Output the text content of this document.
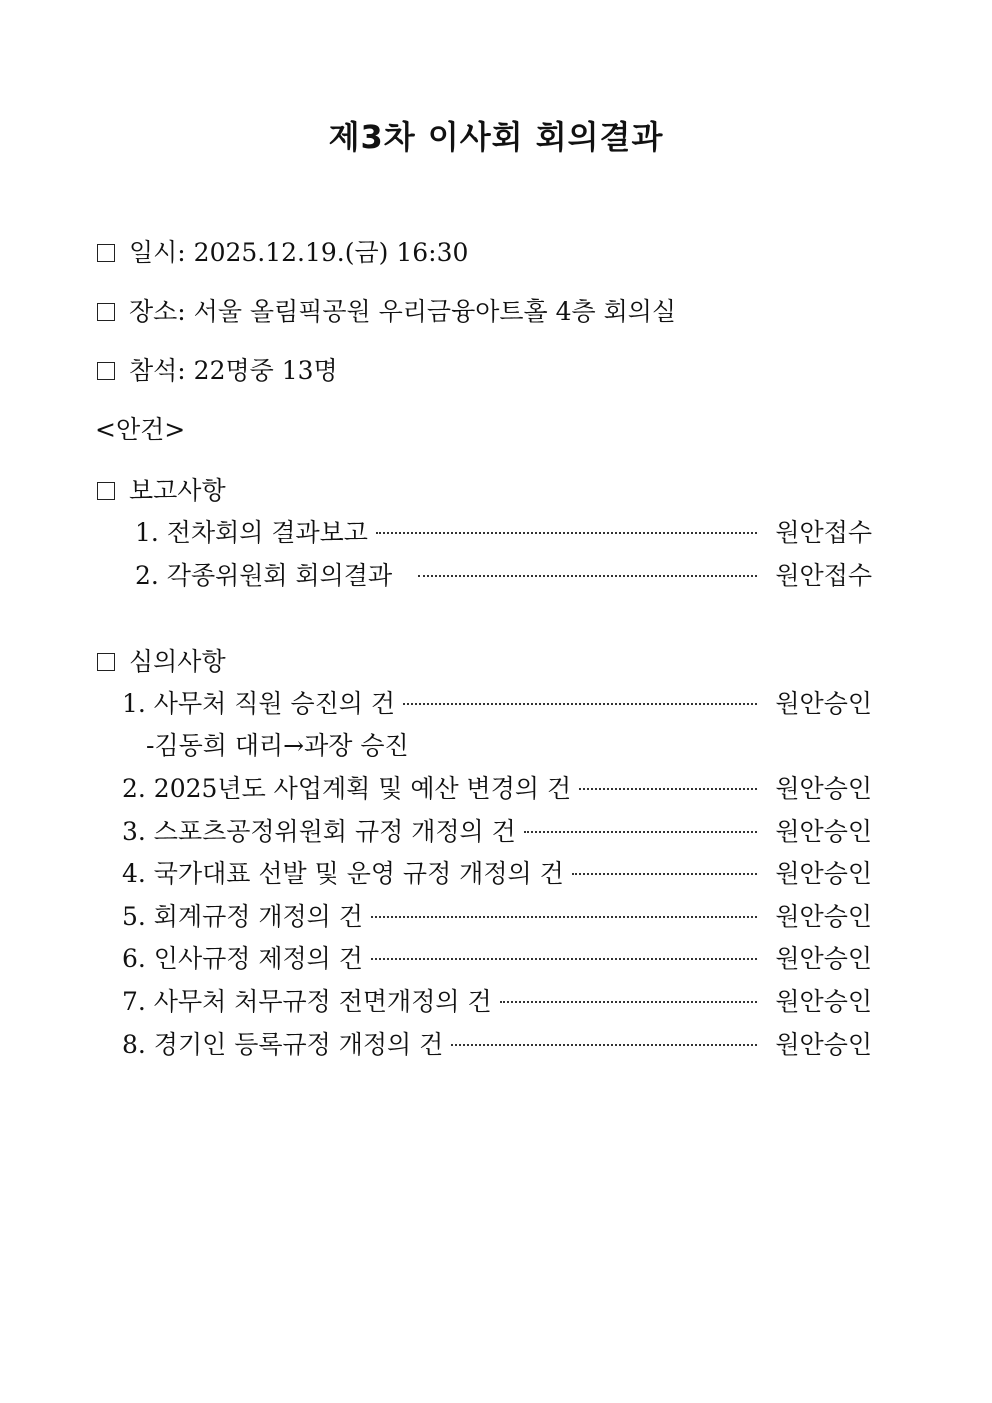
제3차 이사회 회의결과
일시: 2025.12.19.(금) 16:30
장소: 서울 올림픽공원 우리금융아트홀 4층 회의실
참석: 22명중 13명
<안건>
보고사항
1. 전차회의 결과보고	원안접수
2. 각종위원회 회의결과	원안접수
심의사항
1. 사무처 직원 승진의 건	원안승인
-김동희 대리→과장 승진
2. 2025년도 사업계획 및 예산 변경의 건	원안승인
3. 스포츠공정위원회 규정 개정의 건	원안승인
4. 국가대표 선발 및 운영 규정 개정의 건	원안승인
5. 회계규정 개정의 건	원안승인
6. 인사규정 제정의 건	원안승인
7. 사무처 처무규정 전면개정의 건	원안승인
8. 경기인 등록규정 개정의 건	원안승인
